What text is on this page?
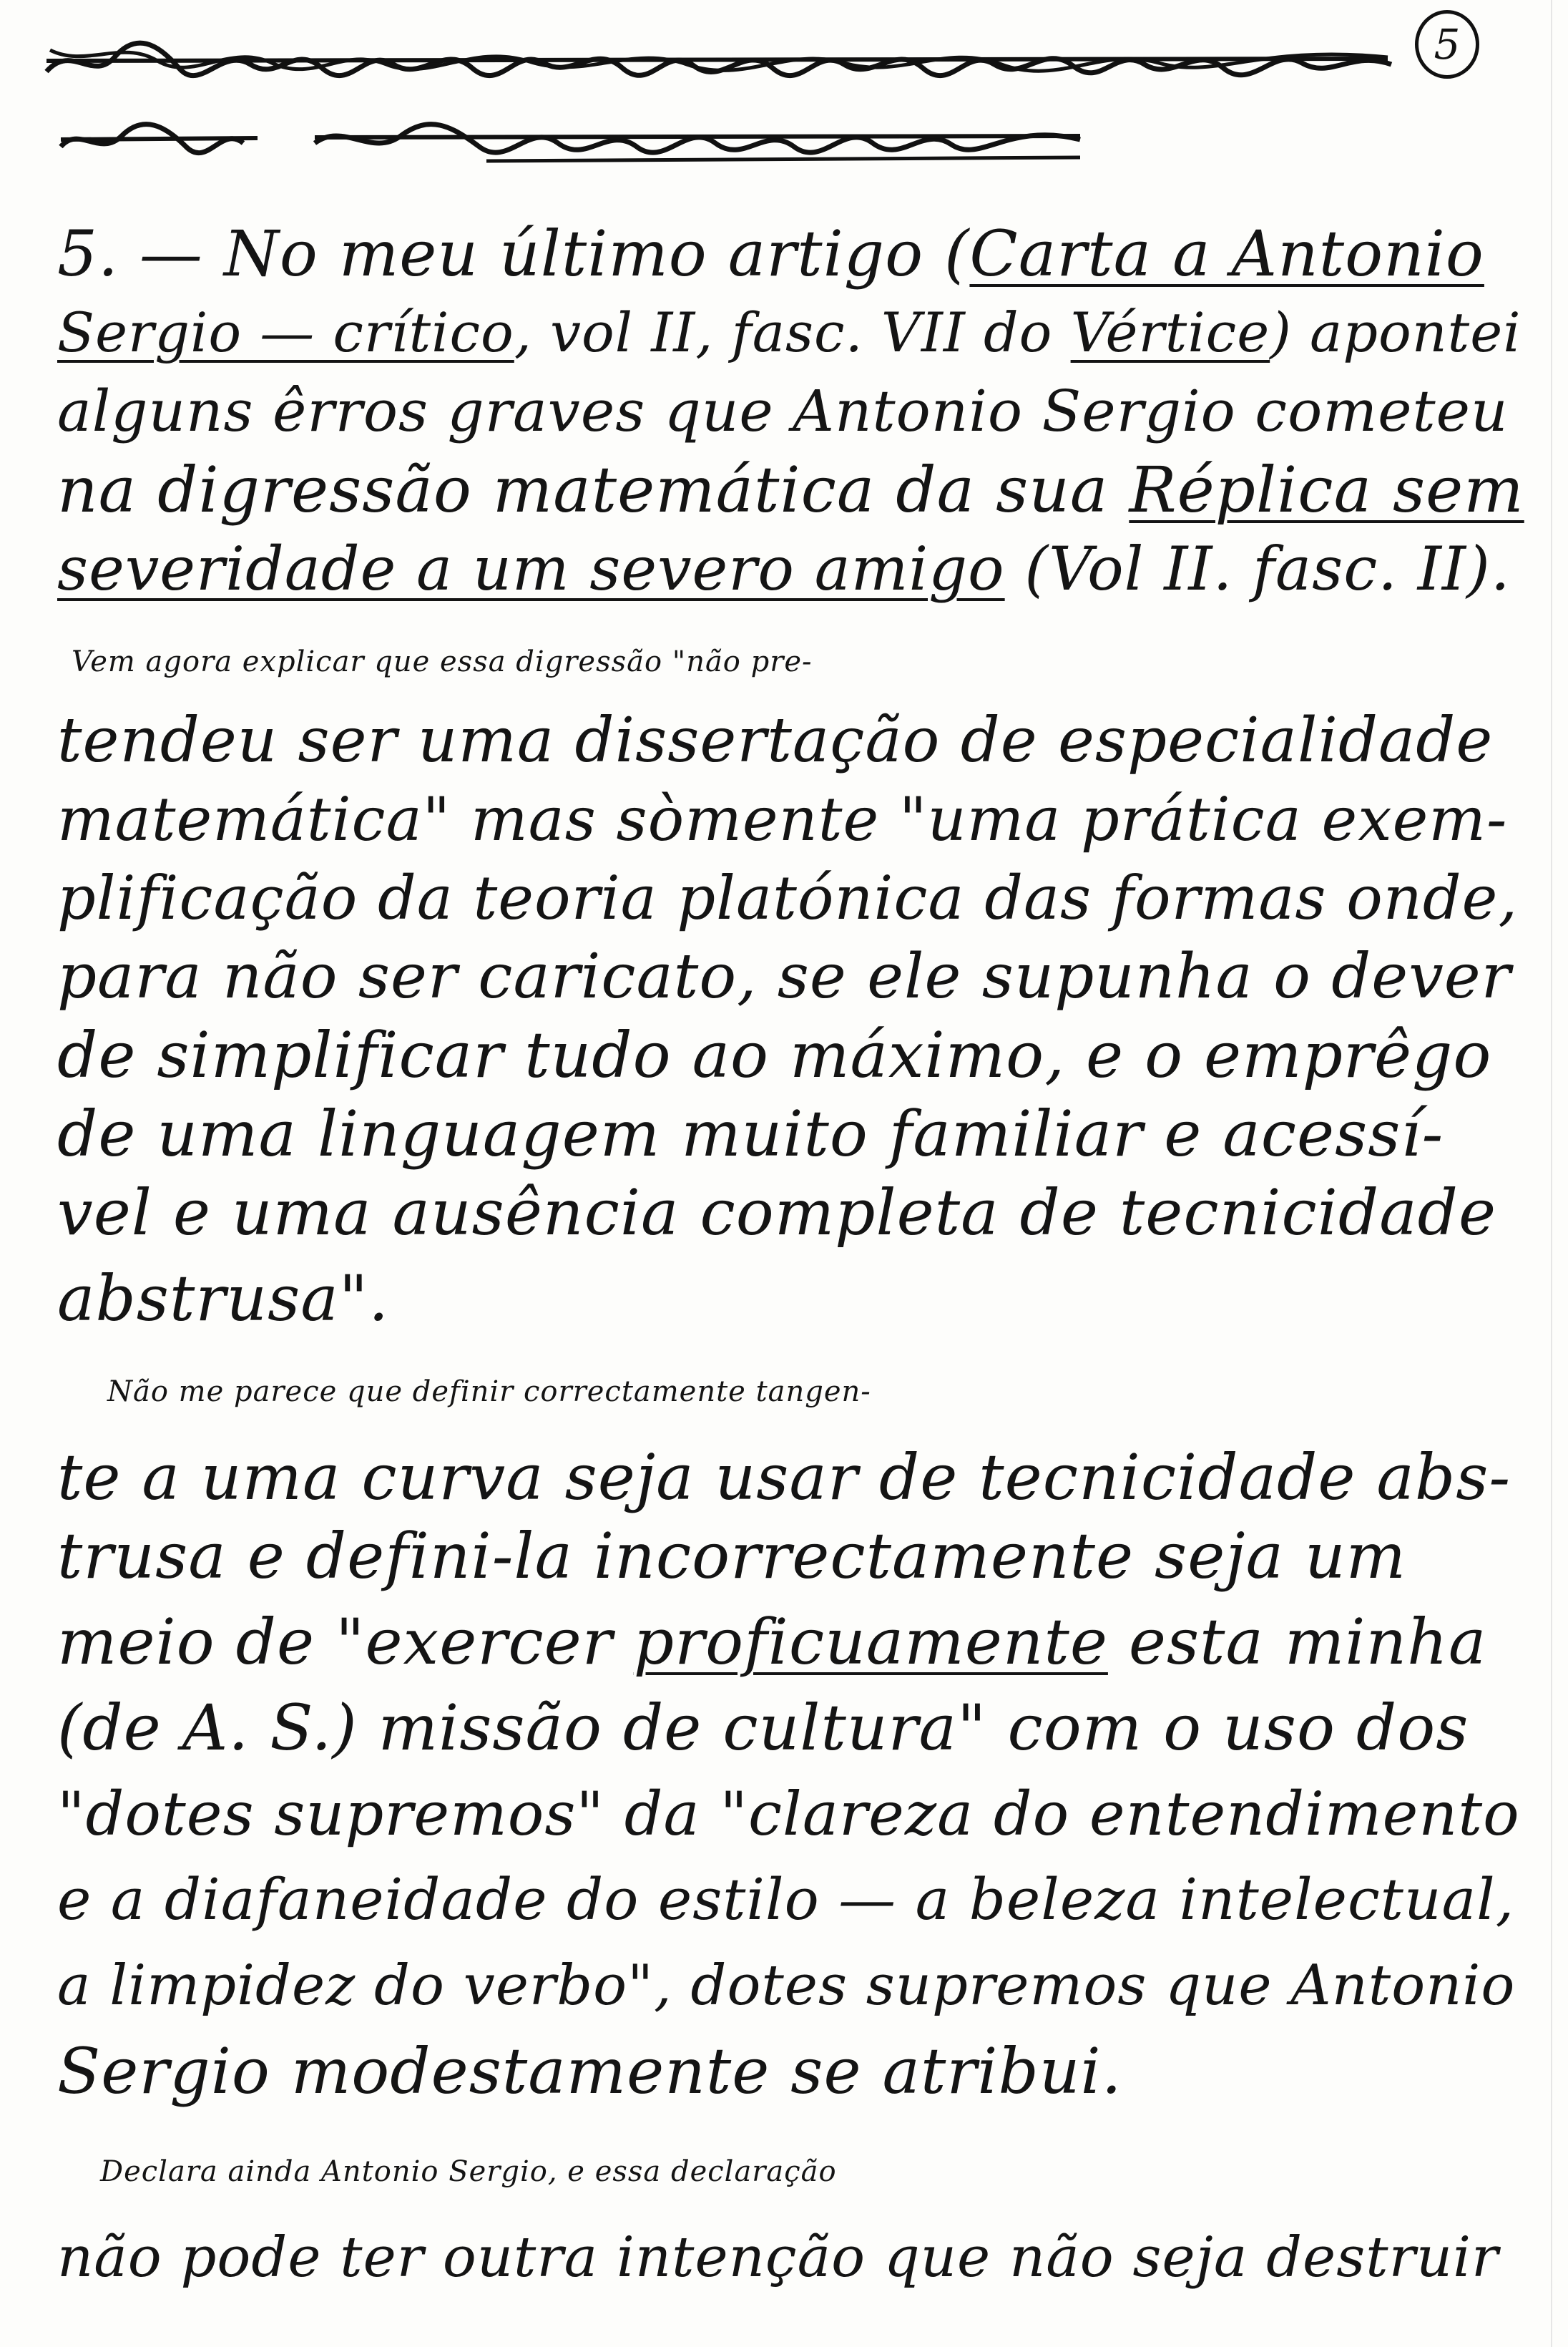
5
5. — No meu último artigo (Carta a Antonio
Sergio — crítico, vol II, fasc. VII do Vértice) apontei
alguns êrros graves que Antonio Sergio cometeu
na digressão matemática da sua Réplica sem
severidade a um severo amigo (Vol II. fasc. II).
Vem agora explicar que essa digressão "não pre-
tendeu ser uma dissertação de especialidade
matemática" mas sòmente "uma prática exem-
plificação da teoria platónica das formas onde,
para não ser caricato, se ele supunha o dever
de simplificar tudo ao máximo, e o emprêgo
de uma linguagem muito familiar e acessí-
vel e uma ausência completa de tecnicidade
abstrusa".
Não me parece que definir correctamente tangen-
te a uma curva seja usar de tecnicidade abs-
trusa e defini-la incorrectamente seja um
meio de "exercer proficuamente esta minha
(de A. S.) missão de cultura" com o uso dos
"dotes supremos" da "clareza do entendimento
e a diafaneidade do estilo — a beleza intelectual,
a limpidez do verbo", dotes supremos que Antonio
Sergio modestamente se atribui.
Declara ainda Antonio Sergio, e essa declaração
não pode ter outra intenção que não seja destruir
